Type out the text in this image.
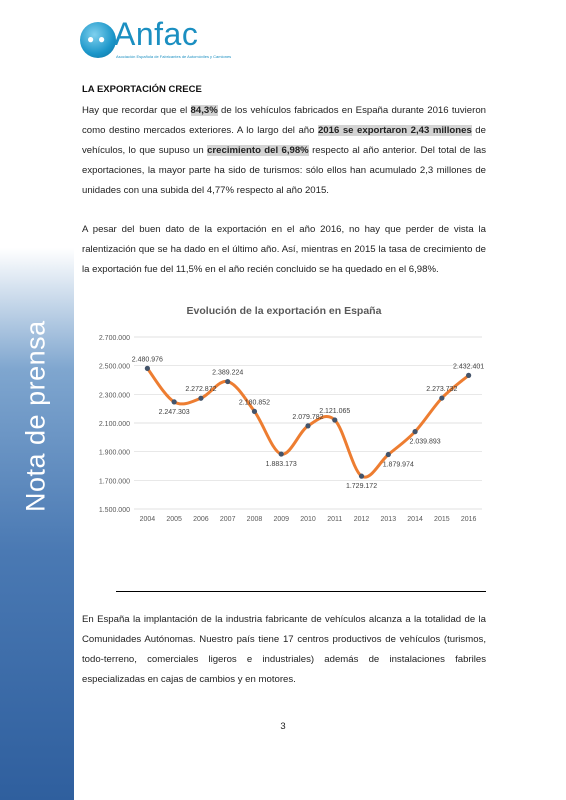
Nota de prensa
● ● Anfac
Asociación Española de Fabricantes de Automóviles y Camiones
LA EXPORTACIÓN CRECE
Hay que recordar que el 84,3% de los vehículos fabricados en España durante 2016 tuvieron como destino mercados exteriores. A lo largo del año 2016 se exportaron 2,43 millones de vehículos, lo que supuso un crecimiento del 6,98% respecto al año anterior. Del total de las exportaciones, la mayor parte ha sido de turismos: sólo ellos han acumulado 2,3 millones de unidades con una subida del 4,77% respecto al año 2015.
A pesar del buen dato de la exportación en el año 2016, no hay que perder de vista la ralentización que se ha dado en el último año. Así, mientras en 2015 la tasa de crecimiento de la exportación fue del 11,5% en el año recién concluido se ha quedado en el 6,98%.
1.500.000
1.700.000
1.900.000
2.100.000
2.300.000
2.500.000
2.700.000
2004 2005 2006 2007 2008 2009 2010 2011 2012 2013 2014 2015 2016
2.480.976
2.247.303
2.272.872
2.389.224
2.180.852
1.883.173
2.079.782
2.121.065
1.729.172
1.879.974
2.039.893
2.273.732
2.432.401
Evolución de la exportación en España
En España la implantación de la industria fabricante de vehículos alcanza a la totalidad de la Comunidades Autónomas. Nuestro país tiene 17 centros productivos de vehículos (turismos, todo-terreno, comerciales ligeros e industriales) además de instalaciones fabriles especializadas en cajas de cambios y en motores.
3
